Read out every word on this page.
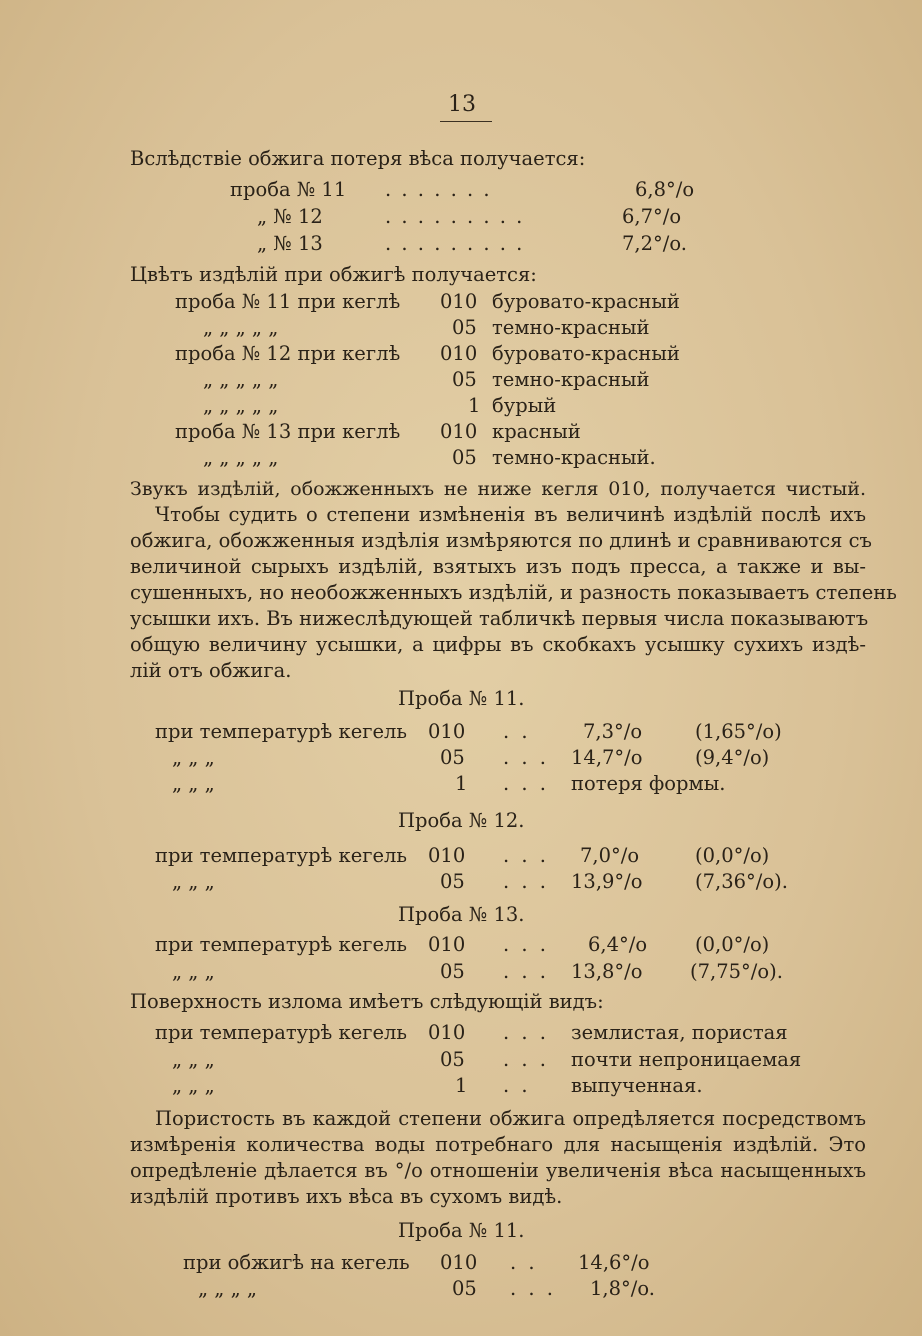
13
Вслѣдствіе обжига потеря вѣса получается:
проба № 11 . . . . . . .	6,8°/o
„ № 12	. . . . . . . . .	6,7°/o
„ № 13	. . . . . . . . .	7,2°/o.
Цвѣтъ издѣлій при обжигѣ получается:
проба № 11 при кеглѣ 010 буровато-красный
„ „ „ „ „	05 темно-красный
проба № 12 при кеглѣ 010 буровато-красный
„ „ „ „ „	05 темно-красный
„ „ „ „ „	1 бурый
проба № 13 при кеглѣ 010 красный
„ „ „ „ „	05 темно-красный.
Звукъ издѣлій, обожженныхъ не ниже кегля 010, получается чистый.
Чтобы судить о степени измѣненія въ величинѣ издѣлій послѣ ихъ
обжига, обожженныя издѣлія измѣряются по длинѣ и сравниваются съ
величиной сырыхъ издѣлій, взятыхъ изъ подъ пресса, а также и вы-
сушенныхъ, но необожженныхъ издѣлій, и разность показываетъ степень
усышки ихъ. Въ нижеслѣдующей табличкѣ первыя числа показываютъ
общую величину усышки, а цифры въ скобкахъ усышку сухихъ издѣ-
лій отъ обжига.
Проба № 11.
при температурѣ кегель 010 . .	7,3°/o	(1,65°/o)
„ „ „	05 . . . 14,7°/o	(9,4°/o)
„ „ „	1 . . . потеря формы.
Проба № 12.
при температурѣ кегель 010 . . . 7,0°/o	(0,0°/o)
„ „ „	05 . . . 13,9°/o	(7,36°/o).
Проба № 13.
при температурѣ кегель 010 . . . 6,4°/o (0,0°/o)
„ „ „	05 . . . 13,8°/o (7,75°/o).
Поверхность излома имѣетъ слѣдующій видъ:
при температурѣ кегель 010 . . . землистая, пористая
„ „ „	05 . . . почти непроницаемая
„ „ „	1 . . выпученная.
Пористость въ каждой степени обжига опредѣляется посредствомъ
измѣренія количества воды потребнаго для насыщенія издѣлій. Это
опредѣленіе дѣлается въ °/o отношеніи увеличенія вѣса насыщенныхъ
издѣлій противъ ихъ вѣса въ сухомъ видѣ.
Проба № 11.
при обжигѣ на кегель 010 . . 14,6°/o
„ „ „ „	05 . . . 1,8°/o.
